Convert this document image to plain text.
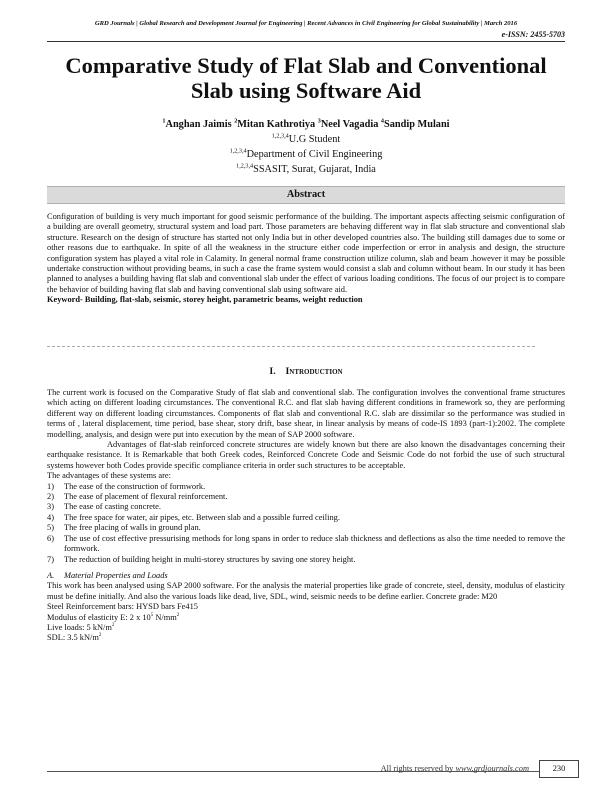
GRD Journals | Global Research and Development Journal for Engineering | Recent Advances in Civil Engineering for Global Sustainability | March 2016
e-ISSN: 2455-5703
Comparative Study of Flat Slab and Conventional
Slab using Software Aid
$^1$Anghan Jaimis $^2$Mitan Kathrotiya $^3$Neel Vagadia $^4$Sandip Mulani
$^{1,2,3,4}$U.G Student
$^{1,2,3,4}$Department of Civil Engineering
$^{1,2,3,4}$SSASIT, Surat, Gujarat, India
Abstract

Configuration of building is very much important for good seismic performance of the building. The important aspects affecting seismic configuration of a building are overall geometry, structural system and load part. Those parameters are behaving different way in flat slab structure and conventional slab structure. Research on the design of structure has started not only India but in other developed countries also. The building still damages due to some or other reasons due to earthquake. In spite of all the weakness in the structure either code imperfection or error in analysis and design, the structure configuration system has played a vital role in Calamity. In general normal frame construction utilize column, slab and beam .however it may be possible undertake construction without providing beams, in such a case the frame system would consist a slab and column without beam. In our study it has been planned to analyses a building having flat slab and conventional slab under the effect of various loading conditions. The focus of our project is to compare the behavior of building having flat slab and having conventional slab using software aid.

Keyword- Building, flat-slab, seismic, storey height, parametric beams, weight reduction

I. Introduction

The current work is focused on the Comparative Study of flat slab and conventional slab. The configuration involves the conventional frame structures which acting on different loading circumstances. The conventional R.C. and flat slab having different conditions in framework so, they are performing different way on different loading circumstances. Components of flat slab and conventional R.C. slab are dissimilar so the performance was studied in terms of , lateral displacement, time period, base shear, story drift, base shear, in linear analysis by means of code-IS 1893 (part-1):2002. The complete modelling, analysis, and design were put into execution by the mean of SAP 2000 software.

Advantages of flat-slab reinforced concrete structures are widely known but there are also known the disadvantages concerning their earthquake resistance. It is Remarkable that both Greek codes, Reinforced Concrete Code and Seismic Code do not forbid the use of such structural systems however both Codes provide specific compliance criteria in order such structures to be acceptable.

The advantages of these systems are:

1)	The ease of the construction of formwork.
2)	The ease of placement of flexural reinforcement.
3)	The ease of casting concrete.
4)	The free space for water, air pipes, etc. Between slab and a possible furred ceiling.
5)	The free placing of walls in ground plan.
6)	The use of cost effective pressurising methods for long spans in order to reduce slab thickness and deflections as also the time needed to remove the formwork.
7)	The reduction of building height in multi-storey structures by saving one storey height.

A. Material Properties and Loads

This work has been analysed using SAP 2000 software. For the analysis the material properties like grade of concrete, steel, density, modulus of elasticity must be define initially. And also the various loads like dead, live, SDL, wind, seismic needs to be define earlier. Concrete grade: M20

Steel Reinforcement bars: HYSD bars Fe415
Modulus of elasticity E: 2 x $10^5$ $N/mm^2$
Live loads: 5 $kN/m^2$
SDL: 3.5 $kN/m^2$
All rights reserved by www.grdjournals.com	230
